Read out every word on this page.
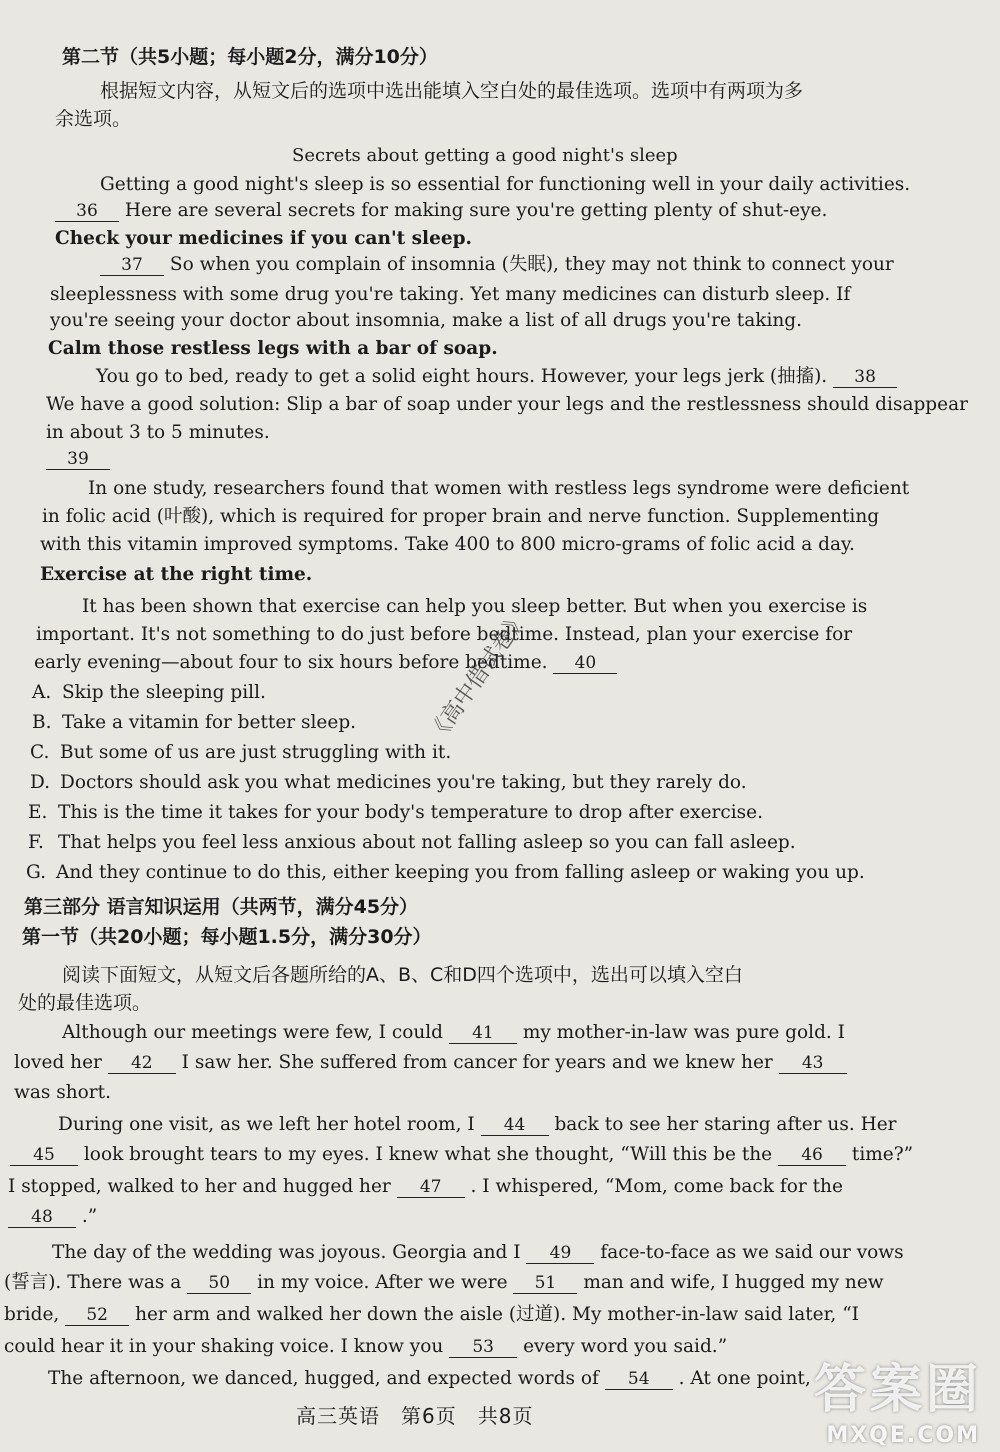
第二节（共5小题；每小题2分，满分10分）
根据短文内容，从短文后的选项中选出能填入空白处的最佳选项。选项中有两项为多
余选项。
Secrets about getting a good night's sleep
Getting a good night's sleep is so essential for functioning well in your daily activities.
36 Here are several secrets for making sure you're getting plenty of shut-eye.
Check your medicines if you can't sleep.
37 So when you complain of insomnia (失眠), they may not think to connect your
sleeplessness with some drug you're taking. Yet many medicines can disturb sleep. If
you're seeing your doctor about insomnia, make a list of all drugs you're taking.
Calm those restless legs with a bar of soap.
You go to bed, ready to get a solid eight hours. However, your legs jerk (抽搐). 38
We have a good solution: Slip a bar of soap under your legs and the restlessness should disappear
in about 3 to 5 minutes.
39
In one study, researchers found that women with restless legs syndrome were deficient
in folic acid (叶酸), which is required for proper brain and nerve function. Supplementing
with this vitamin improved symptoms. Take 400 to 800 micro-grams of folic acid a day.
Exercise at the right time.
It has been shown that exercise can help you sleep better. But when you exercise is
important. It's not something to do just before bedtime. Instead, plan your exercise for
early evening—about four to six hours before bedtime. 40
A. Skip the sleeping pill.
B. Take a vitamin for better sleep.
C. But some of us are just struggling with it.
D. Doctors should ask you what medicines you're taking, but they rarely do.
E. This is the time it takes for your body's temperature to drop after exercise.
F. That helps you feel less anxious about not falling asleep so you can fall asleep.
G. And they continue to do this, either keeping you from falling asleep or waking you up.
第三部分 语言知识运用（共两节，满分45分）
第一节（共20小题；每小题1.5分，满分30分）
阅读下面短文，从短文后各题所给的A、B、C和D四个选项中，选出可以填入空白
处的最佳选项。
Although our meetings were few, I could 41 my mother-in-law was pure gold. I
loved her 42 I saw her. She suffered from cancer for years and we knew her 43
was short.
During one visit, as we left her hotel room, I 44 back to see her staring after us. Her
45 look brought tears to my eyes. I knew what she thought, “Will this be the 46 time?”
I stopped, walked to her and hugged her 47 . I whispered, “Mom, come back for the
48 .”
The day of the wedding was joyous. Georgia and I 49 face-to-face as we said our vows
(誓言). There was a 50 in my voice. After we were 51 man and wife, I hugged my new
bride, 52 her arm and walked her down the aisle (过道). My mother-in-law said later, “I
could hear it in your shaking voice. I know you 53 every word you said.”
The afternoon, we danced, hugged, and expected words of 54 . At one point,
高三英语　第6页　共8页
《高中借试卷》
答案圈
MXQE.COM
